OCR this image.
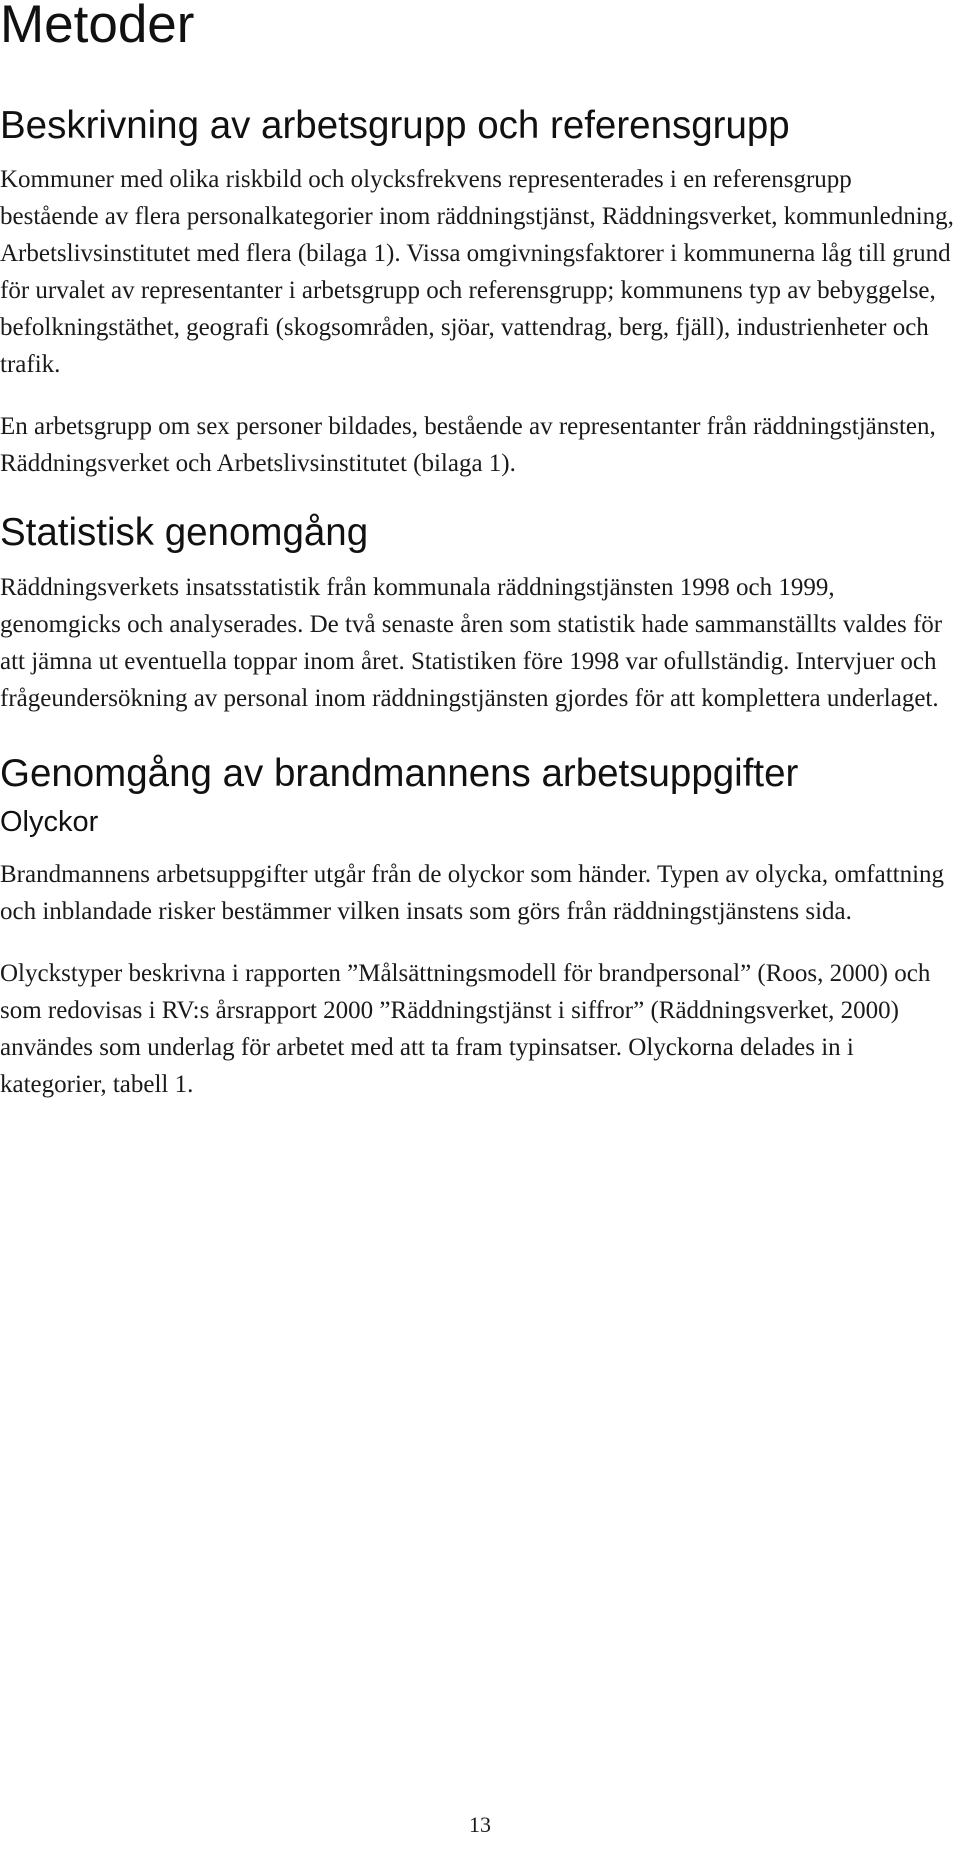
Metoder
Beskrivning av arbetsgrupp och referensgrupp

Kommuner med olika riskbild och olycksfrekvens representerades i en referensgrupp bestående av flera personalkategorier inom räddningstjänst, Räddningsverket, kommunledning, Arbetslivsinstitutet med flera (bilaga 1). Vissa omgivningsfaktorer i kommunerna låg till grund för urvalet av representanter i arbetsgrupp och referensgrupp; kommunens typ av bebyggelse, befolkningstäthet, geografi (skogsområden, sjöar, vattendrag, berg, fjäll), industrienheter och trafik.

En arbetsgrupp om sex personer bildades, bestående av representanter från räddningstjänsten, Räddningsverket och Arbetslivsinstitutet (bilaga 1).

Statistisk genomgång

Räddningsverkets insatsstatistik från kommunala räddningstjänsten 1998 och 1999, genomgicks och analyserades. De två senaste åren som statistik hade sammanställts valdes för att jämna ut eventuella toppar inom året. Statistiken före 1998 var ofullständig. Intervjuer och frågeundersökning av personal inom räddningstjänsten gjordes för att komplettera underlaget.

Genomgång av brandmannens arbetsuppgifter
Olyckor

Brandmannens arbetsuppgifter utgår från de olyckor som händer. Typen av olycka, omfattning och inblandade risker bestämmer vilken insats som görs från räddningstjänstens sida.

Olyckstyper beskrivna i rapporten ”Målsättningsmodell för brandpersonal” (Roos, 2000) och som redovisas i RV:s årsrapport 2000 ”Räddningstjänst i siffror” (Räddningsverket, 2000) användes som underlag för arbetet med att ta fram typinsatser. Olyckorna delades in i kategorier, tabell 1.

13
